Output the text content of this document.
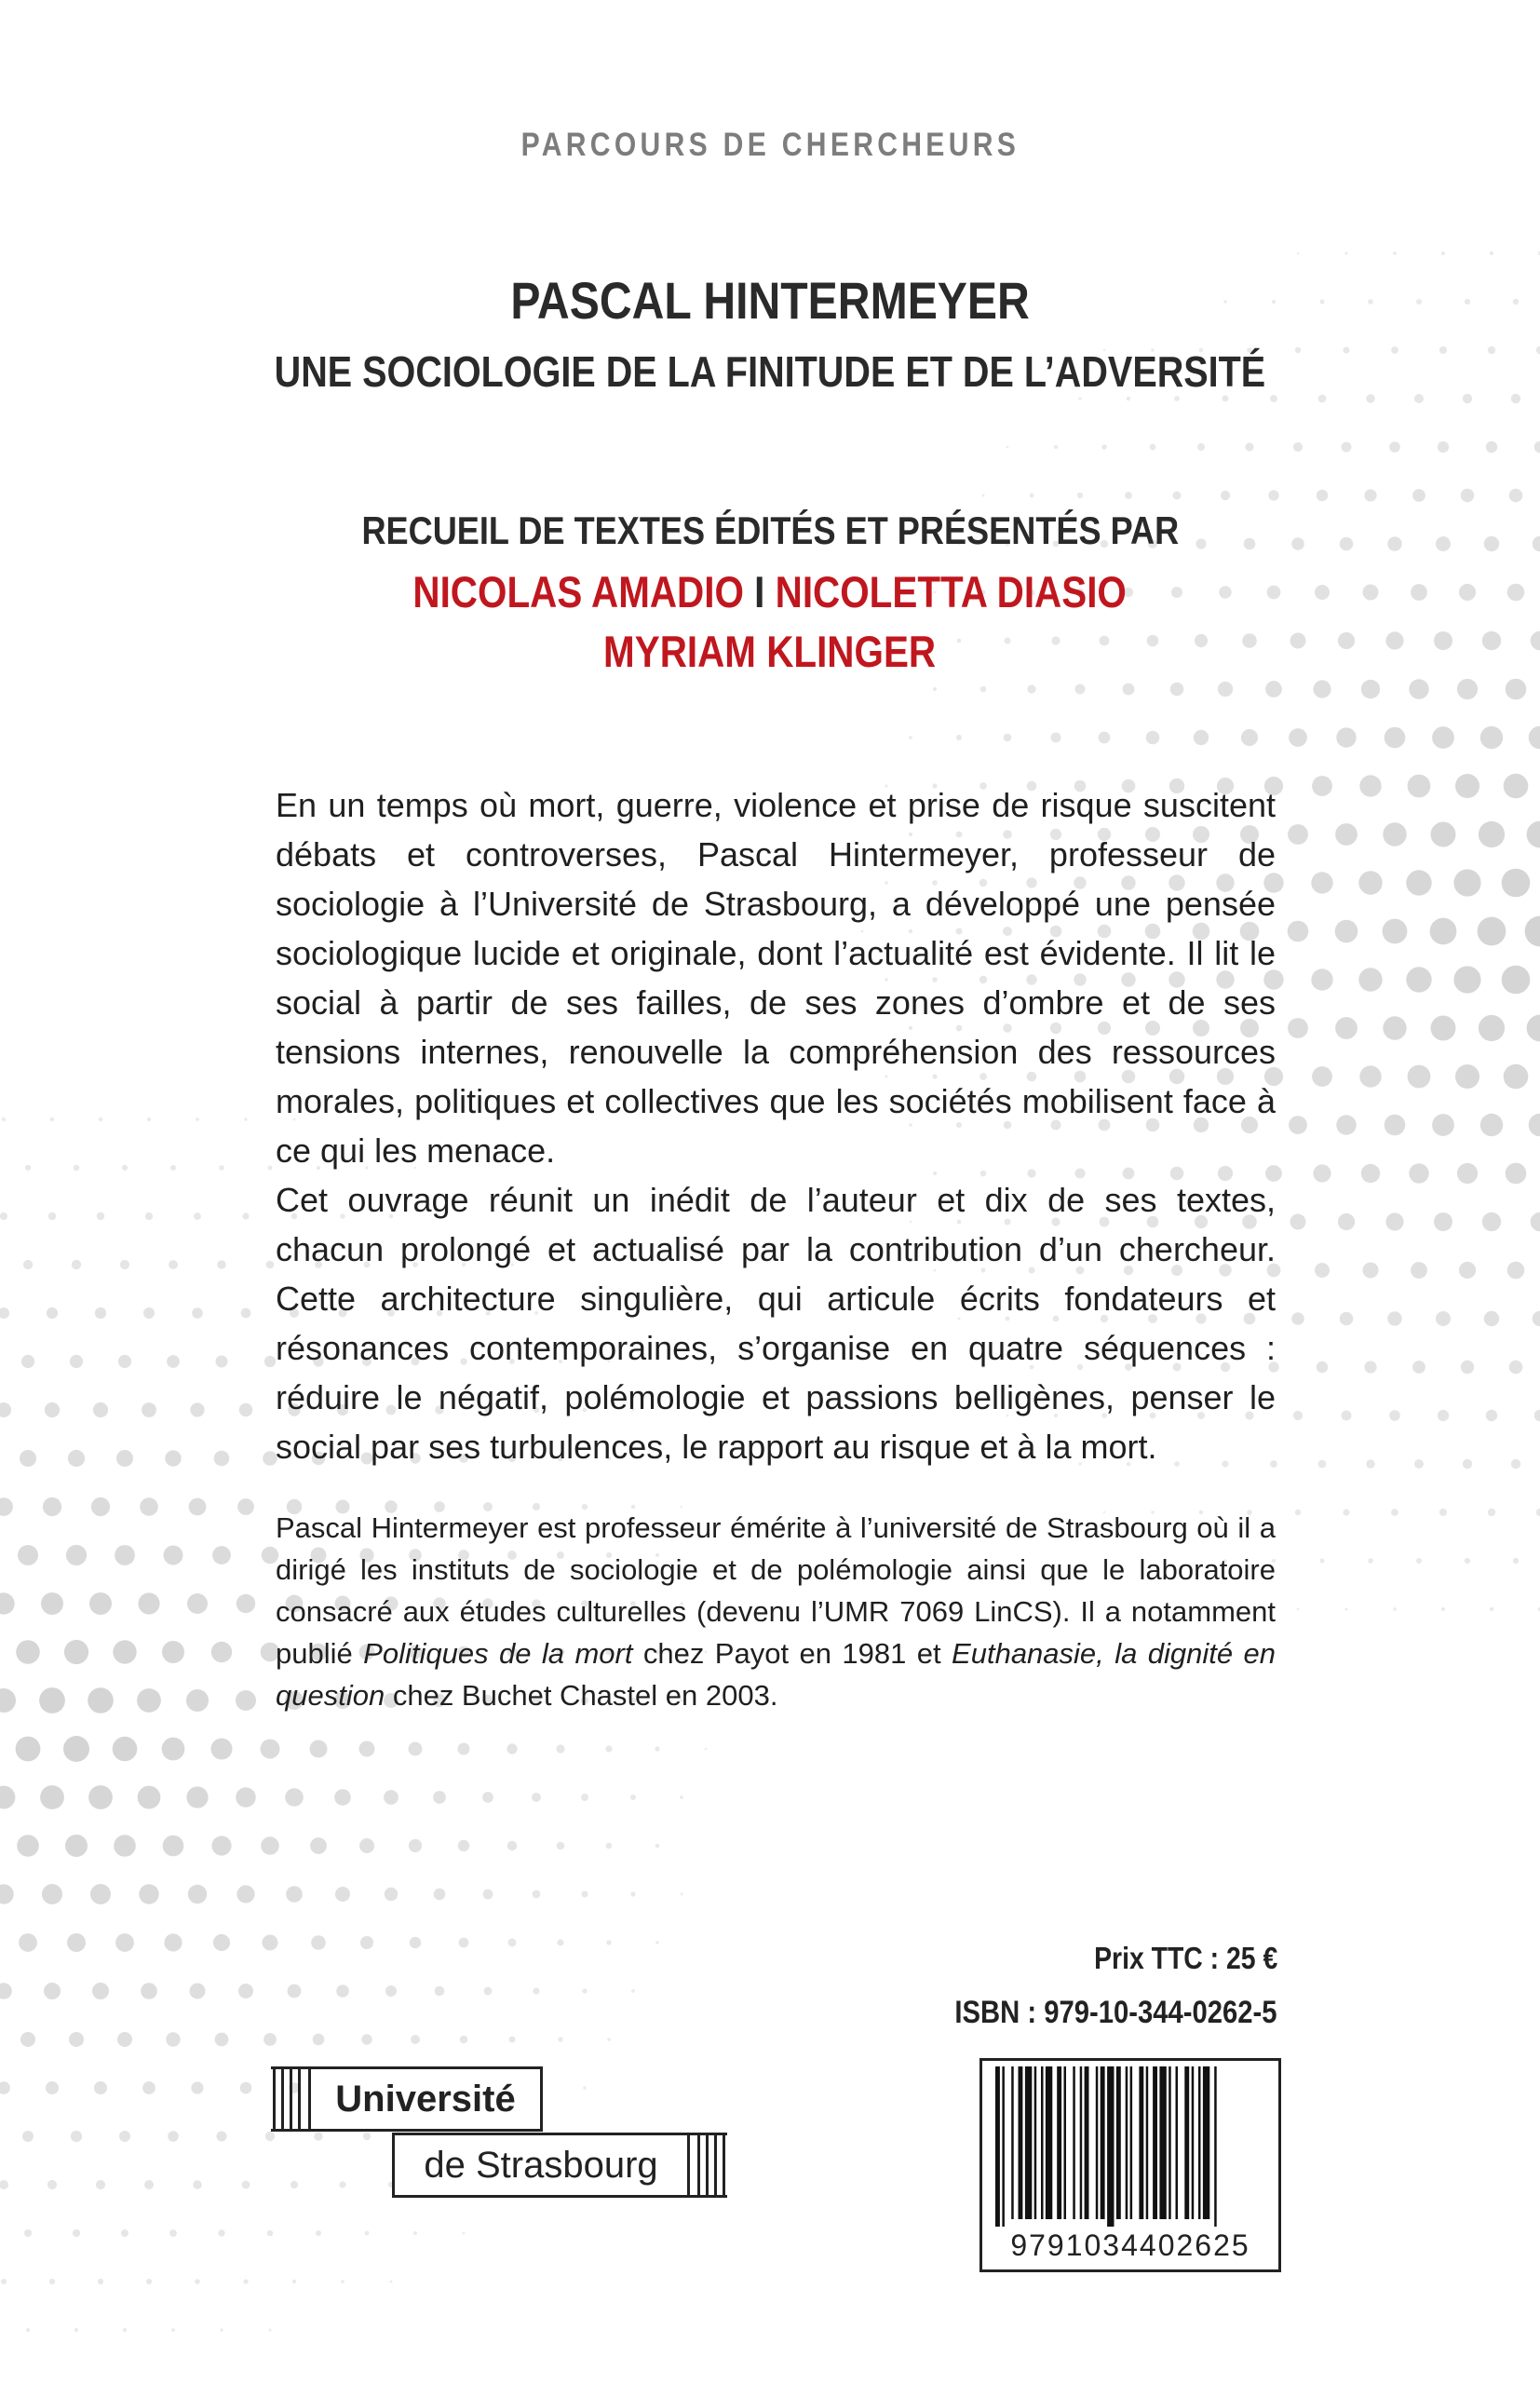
PARCOURS DE CHERCHEURS
PASCAL HINTERMEYER
UNE SOCIOLOGIE DE LA FINITUDE ET DE L’ADVERSITÉ
RECUEIL DE TEXTES ÉDITÉS ET PRÉSENTÉS PAR
NICOLAS AMADIO I NICOLETTA DIASIO
MYRIAM KLINGER

En un temps où mort, guerre, violence et prise de risque suscitent débats et controverses, Pascal Hintermeyer, professeur de sociologie à l’Université de Strasbourg, a développé une pensée sociologique lucide et originale, dont l’actualité est évidente. Il lit le social à partir de ses failles, de ses zones d’ombre et de ses tensions internes, renouvelle la compréhension des ressources morales, politiques et collectives que les sociétés mobilisent face à ce qui les menace.

Cet ouvrage réunit un inédit de l’auteur et dix de ses textes, chacun prolongé et actualisé par la contribution d’un chercheur. Cette architecture singulière, qui articule écrits fondateurs et résonances contemporaines, s’organise en quatre séquences : réduire le négatif, polémologie et passions belligènes, penser le social par ses turbulences, le rapport au risque et à la mort.

Pascal Hintermeyer est professeur émérite à l’université de Strasbourg où il a dirigé les instituts de sociologie et de polémologie ainsi que le laboratoire consacré aux études culturelles (devenu l’UMR 7069 LinCS). Il a notamment publié Politiques de la mort chez Payot en 1981 et Euthanasie, la dignité en question chez Buchet Chastel en 2003.

Prix TTC : 25 €
ISBN : 979-10-344-0262-5
9791034402625
Université
de Strasbourg
